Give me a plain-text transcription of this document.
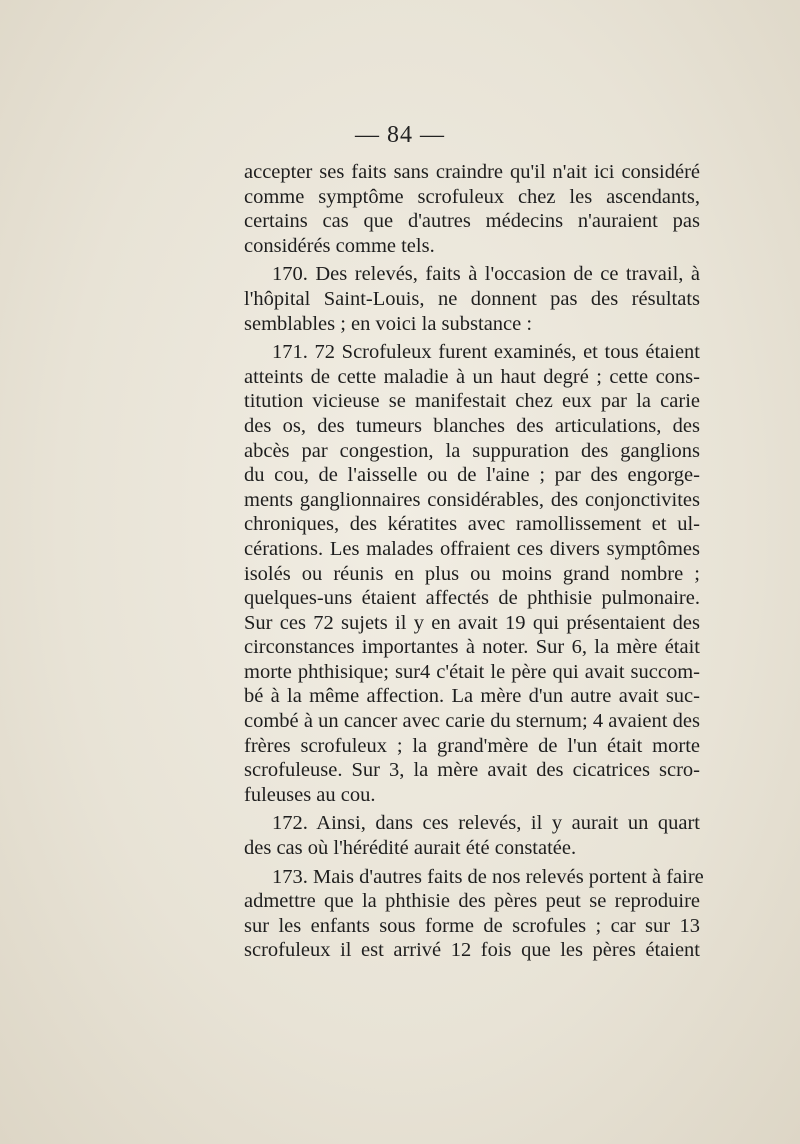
— 84 —
accepter ses faits sans craindre qu'il n'ait ici considéré
comme symptôme scrofuleux chez les ascendants,
certains cas que d'autres médecins n'auraient pas
considérés comme tels.
170. Des relevés, faits à l'occasion de ce travail, à
l'hôpital Saint-Louis, ne donnent pas des résultats
semblables ; en voici la substance :
171. 72 Scrofuleux furent examinés, et tous étaient
atteints de cette maladie à un haut degré ; cette cons-
titution vicieuse se manifestait chez eux par la carie
des os, des tumeurs blanches des articulations, des
abcès par congestion, la suppuration des ganglions
du cou, de l'aisselle ou de l'aine ; par des engorge-
ments ganglionnaires considérables, des conjonctivites
chroniques, des kératites avec ramollissement et ul-
cérations. Les malades offraient ces divers symptômes
isolés ou réunis en plus ou moins grand nombre ;
quelques-uns étaient affectés de phthisie pulmonaire.
Sur ces 72 sujets il y en avait 19 qui présentaient des
circonstances importantes à noter. Sur 6, la mère était
morte phthisique; sur4 c'était le père qui avait succom-
bé à la même affection. La mère d'un autre avait suc-
combé à un cancer avec carie du sternum; 4 avaient des
frères scrofuleux ; la grand'mère de l'un était morte
scrofuleuse. Sur 3, la mère avait des cicatrices scro-
fuleuses au cou.
172. Ainsi, dans ces relevés, il y aurait un quart
des cas où l'hérédité aurait été constatée.
173. Mais d'autres faits de nos relevés portent à faire
admettre que la phthisie des pères peut se reproduire
sur les enfants sous forme de scrofules ; car sur 13
scrofuleux il est arrivé 12 fois que les pères étaient
